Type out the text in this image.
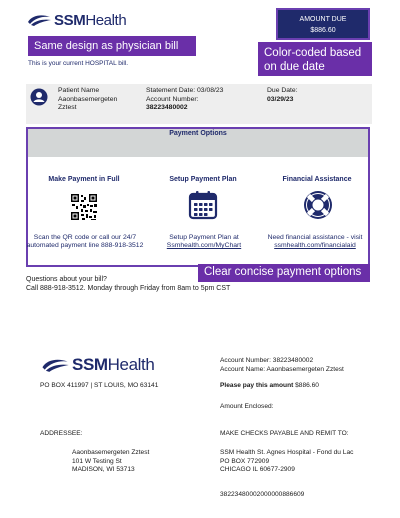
SSMHealth	AMOUNT DUE
$886.60
Same design as physician bill
Color-coded based on due date
This is your current HOSPITAL bill.
Patient Name
Aaonbasemergeten
Zztest
Statement Date: 03/08/23
Account Number:
38223480002
Due Date:
03/29/23
Payment Options
Make Payment in Full	Setup Payment Plan	Financial Assistance
Scan the QR code or call our 24/7 automated payment line 888-918-3512
Setup Payment Plan at
Ssmhealth.com/MyChart
Need financial assistance - visit
ssmhealth.com/financialaid
Clear concise payment options
Questions about your bill?
Call 888-918-3512. Monday through Friday from 8am to 5pm CST
SSMHealth
PO BOX 411997 | ST LOUIS, MO 63141
Account Number: 38223480002
Account Name: Aaonbasemergeten Zztest
Please pay this amount $886.60
Amount Enclosed:
ADDRESSEE:
Aaonbasemergeten Zztest
101 W Testing St
MADISON, WI 53713
MAKE CHECKS PAYABLE AND REMIT TO:
SSM Health St. Agnes Hospital - Fond du Lac
PO BOX 772909
CHICAGO IL 60677-2909
38223480002000000886609
